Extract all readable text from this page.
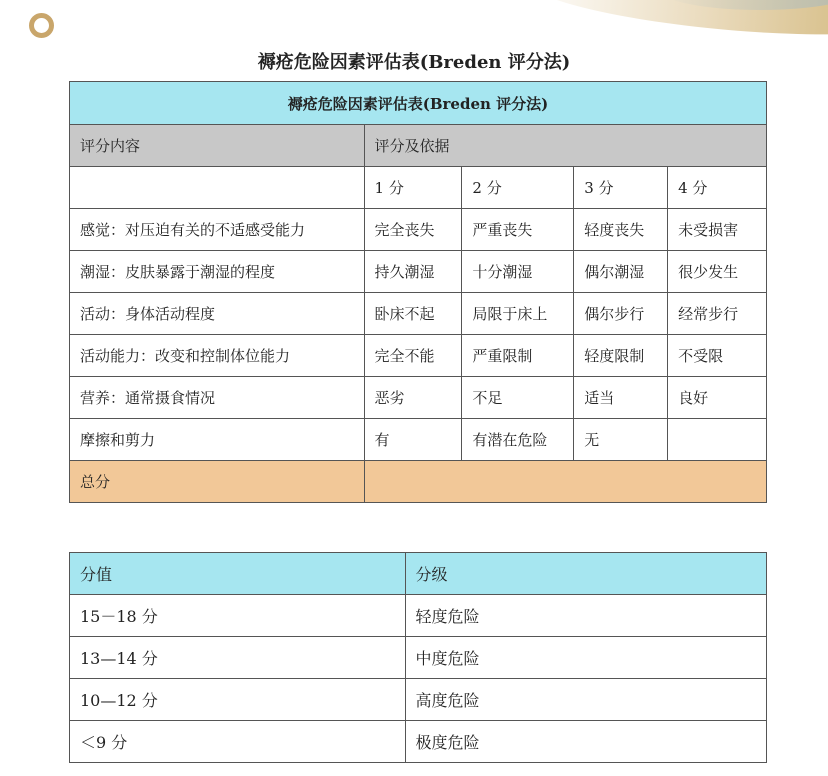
褥疮危险因素评估表(Breden 评分法)
褥疮危险因素评估表(Breden 评分法)				
评分内容	评分及依据			
	1 分	2 分	3 分	4 分
感觉：对压迫有关的不适感受能力	完全丧失	严重丧失	轻度丧失	未受损害
潮湿：皮肤暴露于潮湿的程度	持久潮湿	十分潮湿	偶尔潮湿	很少发生
活动：身体活动程度	卧床不起	局限于床上	偶尔步行	经常步行
活动能力：改变和控制体位能力	完全不能	严重限制	轻度限制	不受限
营养：通常摄食情况	恶劣	不足	适当	良好
摩擦和剪力	有	有潜在危险	无	
总分				
分值	分级
15－18 分	轻度危险
13—14 分	中度危险
10—12 分	高度危险
＜9 分	极度危险
